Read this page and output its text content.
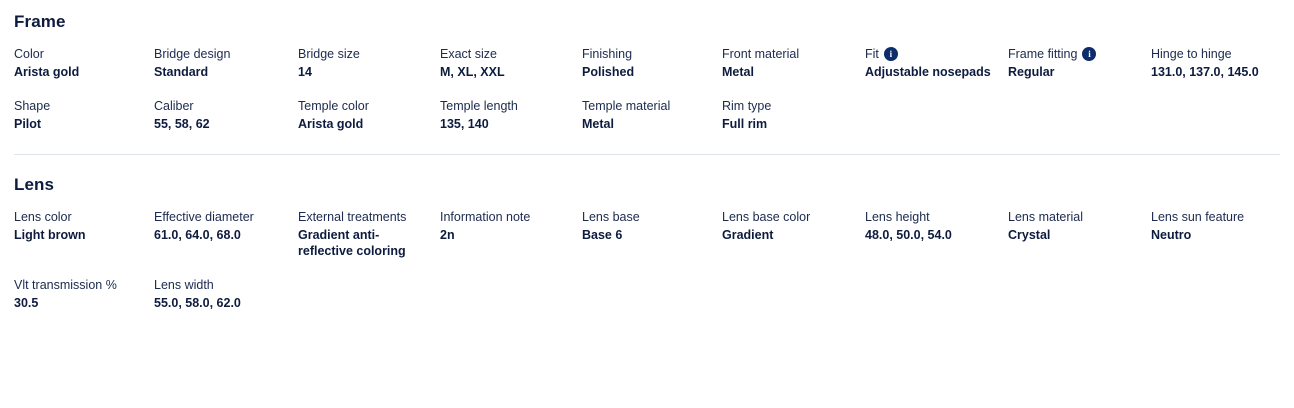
Frame
Color
Arista gold
Bridge design
Standard
Bridge size
14
Exact size
M, XL, XXL
Finishing
Polished
Front material
Metal
Fit	i
Adjustable nosepads
Frame fitting	i
Regular
Hinge to hinge
131.0, 137.0, 145.0
Shape
Pilot
Caliber
55, 58, 62
Temple color
Arista gold
Temple length
135, 140
Temple material
Metal
Rim type
Full rim
Lens
Lens color
Light brown
Effective diameter
61.0, 64.0, 68.0
External treatments
Gradient anti-reflective coloring
Information note
2n
Lens base
Base 6
Lens base color
Gradient
Lens height
48.0, 50.0, 54.0
Lens material
Crystal
Lens sun feature
Neutro
Vlt transmission %
30.5
Lens width
55.0, 58.0, 62.0
